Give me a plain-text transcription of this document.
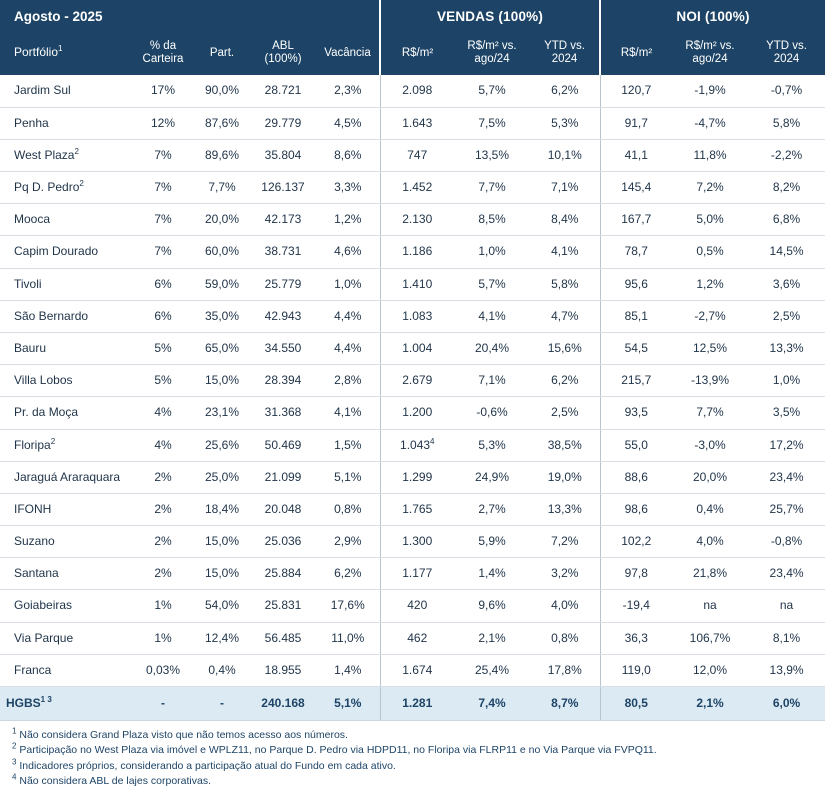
Agosto - 2025					VENDAS (100%)			NOI (100%)		
Portfólio$^1$	% da Carteira	Part.	ABL (100%)	Vacância	R$/m²	R$/m² vs. ago/24	YTD vs. 2024	R$/m²	R$/m² vs. ago/24	YTD vs. 2024
Jardim Sul	17%	90,0%	28.721	2,3%	2.098	5,7%	6,2%	120,7	-1,9%	-0,7%
Penha	12%	87,6%	29.779	4,5%	1.643	7,5%	5,3%	91,7	-4,7%	5,8%
West Plaza$^2$	7%	89,6%	35.804	8,6%	747	13,5%	10,1%	41,1	11,8%	-2,2%
Pq D. Pedro$^2$	7%	7,7%	126.137	3,3%	1.452	7,7%	7,1%	145,4	7,2%	8,2%
Mooca	7%	20,0%	42.173	1,2%	2.130	8,5%	8,4%	167,7	5,0%	6,8%
Capim Dourado	7%	60,0%	38.731	4,6%	1.186	1,0%	4,1%	78,7	0,5%	14,5%
Tivoli	6%	59,0%	25.779	1,0%	1.410	5,7%	5,8%	95,6	1,2%	3,6%
São Bernardo	6%	35,0%	42.943	4,4%	1.083	4,1%	4,7%	85,1	-2,7%	2,5%
Bauru	5%	65,0%	34.550	4,4%	1.004	20,4%	15,6%	54,5	12,5%	13,3%
Villa Lobos	5%	15,0%	28.394	2,8%	2.679	7,1%	6,2%	215,7	-13,9%	1,0%
Pr. da Moça	4%	23,1%	31.368	4,1%	1.200	-0,6%	2,5%	93,5	7,7%	3,5%
Floripa$^2$	4%	25,6%	50.469	1,5%	1.043$^4$	5,3%	38,5%	55,0	-3,0%	17,2%
Jaraguá Araraquara	2%	25,0%	21.099	5,1%	1.299	24,9%	19,0%	88,6	20,0%	23,4%
IFONH	2%	18,4%	20.048	0,8%	1.765	2,7%	13,3%	98,6	0,4%	25,7%
Suzano	2%	15,0%	25.036	2,9%	1.300	5,9%	7,2%	102,2	4,0%	-0,8%
Santana	2%	15,0%	25.884	6,2%	1.177	1,4%	3,2%	97,8	21,8%	23,4%
Goiabeiras	1%	54,0%	25.831	17,6%	420	9,6%	4,0%	-19,4	na	na
Via Parque	1%	12,4%	56.485	11,0%	462	2,1%	0,8%	36,3	106,7%	8,1%
Franca	0,03%	0,4%	18.955	1,4%	1.674	25,4%	17,8%	119,0	12,0%	13,9%
$HGBS^{1 3}$	-	-	240.168	5,1%	1.281	7,4%	8,7%	80,5	2,1%	6,0%
$^1$ Não considera Grand Plaza visto que não temos acesso aos números.
$^2$ Participação no West Plaza via imóvel e WPLZ11, no Parque D. Pedro via HDPD11, no Floripa via FLRP11 e no Via Parque via FVPQ11.
$^3$ Indicadores próprios, considerando a participação atual do Fundo em cada ativo.
$^4$ Não considera ABL de lajes corporativas.
